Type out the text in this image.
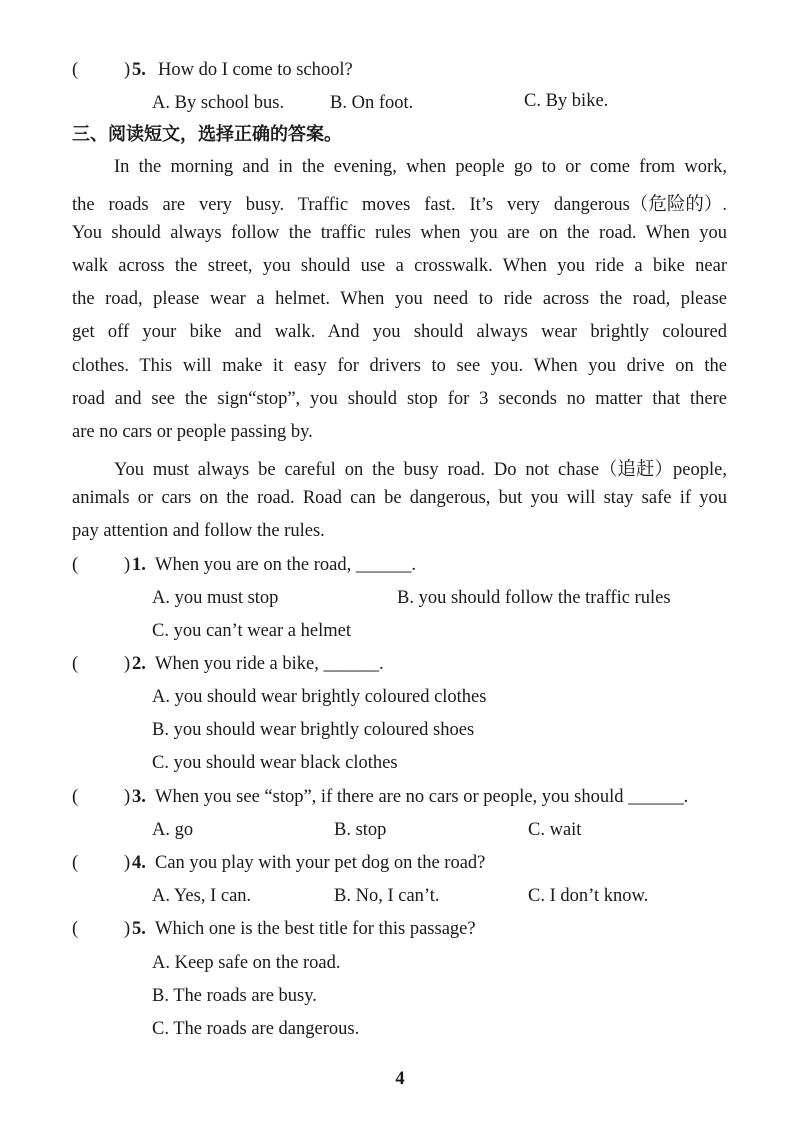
( ) 5. How do I come to school?
A. By school bus. B. On foot.	C. By bike.
三、阅读短文，选择正确的答案。
In the morning and in the evening, when people go to or come from work,
the roads are very busy. Traffic moves fast. It’s very dangerous（危险的）.
You should always follow the traffic rules when you are on the road. When you
walk across the street, you should use a crosswalk. When you ride a bike near
the road, please wear a helmet. When you need to ride across the road, please
get off your bike and walk. And you should always wear brightly coloured
clothes. This will make it easy for drivers to see you. When you drive on the
road and see the sign“stop”, you should stop for 3 seconds no matter that there
are no cars or people passing by.
You must always be careful on the busy road. Do not chase（追赶）people,
animals or cars on the road. Road can be dangerous, but you will stay safe if you
pay attention and follow the rules.
( ) 1. When you are on the road, ______.
A. you must stop	B. you should follow the traffic rules
C. you can’t wear a helmet
( ) 2. When you ride a bike, ______.
A. you should wear brightly coloured clothes
B. you should wear brightly coloured shoes
C. you should wear black clothes
( ) 3. When you see “stop”, if there are no cars or people, you should ______.
A. go	B. stop	C. wait
( ) 4. Can you play with your pet dog on the road?
A. Yes, I can.	B. No, I can’t.	C. I don’t know.
( ) 5. Which one is the best title for this passage?
A. Keep safe on the road.
B. The roads are busy.
C. The roads are dangerous.
4
